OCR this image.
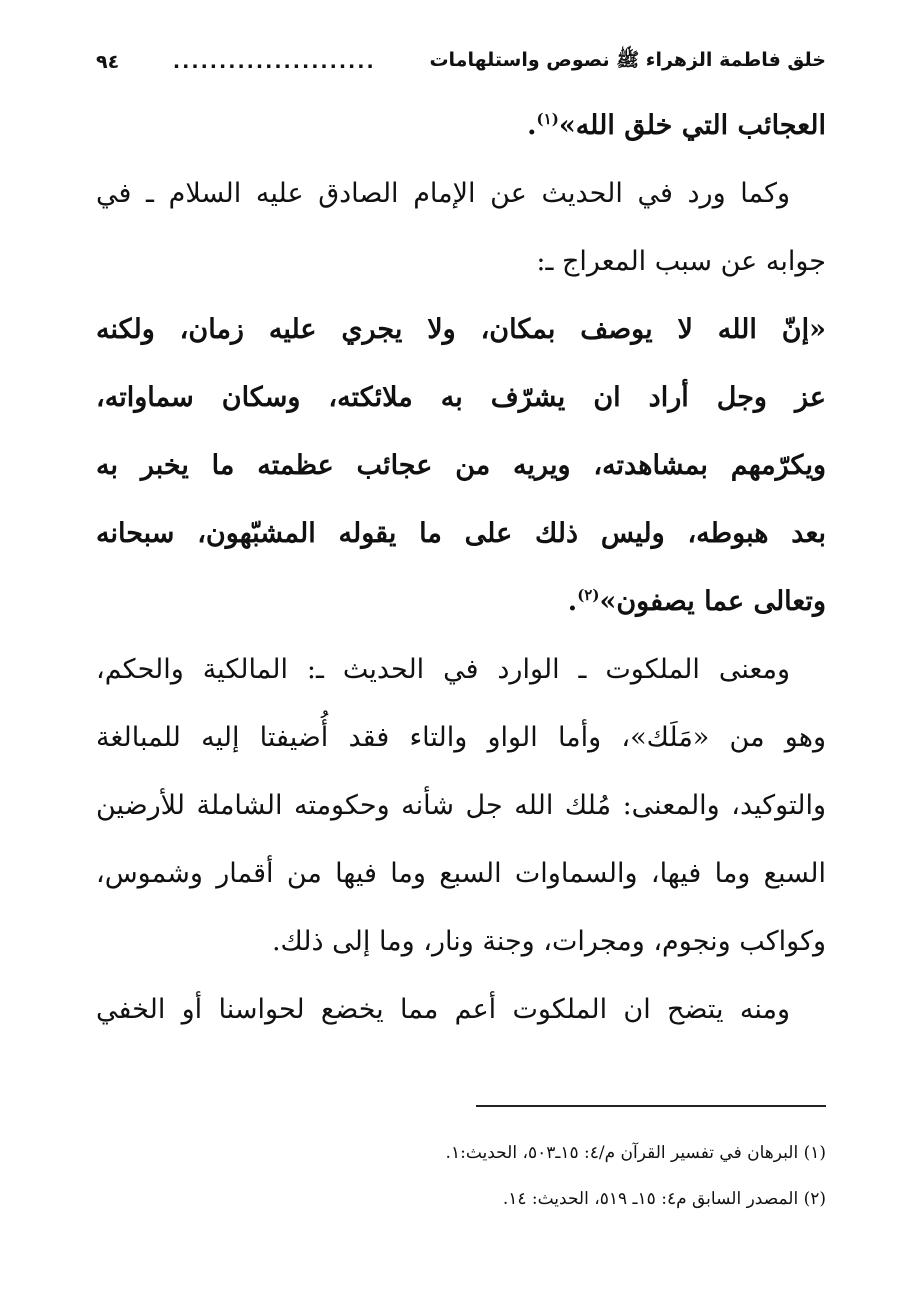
خلق فاطمة الزهراء ﷺ نصوص واستلهامات
......................
٩٤
العجائب التي خلق الله»$^{(١)}$.
وكما ورد في الحديث عن الإمام الصادق عليه السلام ـ في
جوابه عن سبب المعراج ـ:
«إنّ الله لا يوصف بمكان، ولا يجري عليه زمان، ولكنه
عز وجل أراد ان يشرّف به ملائكته، وسكان سماواته،
ويكرّمهم بمشاهدته، ويريه من عجائب عظمته ما يخبر به
بعد هبوطه، وليس ذلك على ما يقوله المشبّهون، سبحانه
وتعالى عما يصفون»$^{(٢)}$.
ومعنى الملكوت ـ الوارد في الحديث ـ: المالكية والحكم،
وهو من «مَلَك»، وأما الواو والتاء فقد أُضيفتا إليه للمبالغة
والتوكيد، والمعنى: مُلك الله جل شأنه وحكومته الشاملة للأرضين
السبع وما فيها، والسماوات السبع وما فيها من أقمار وشموس،
وكواكب ونجوم، ومجرات، وجنة ونار، وما إلى ذلك.
ومنه يتضح ان الملكوت أعم مما يخضع لحواسنا أو الخفي
(١) البرهان في تفسير القرآن م/٤: ١٥ـ٥٠٣، الحديث:١.
(٢) المصدر السابق م٤: ١٥ـ ٥١٩، الحديث: ١٤.
